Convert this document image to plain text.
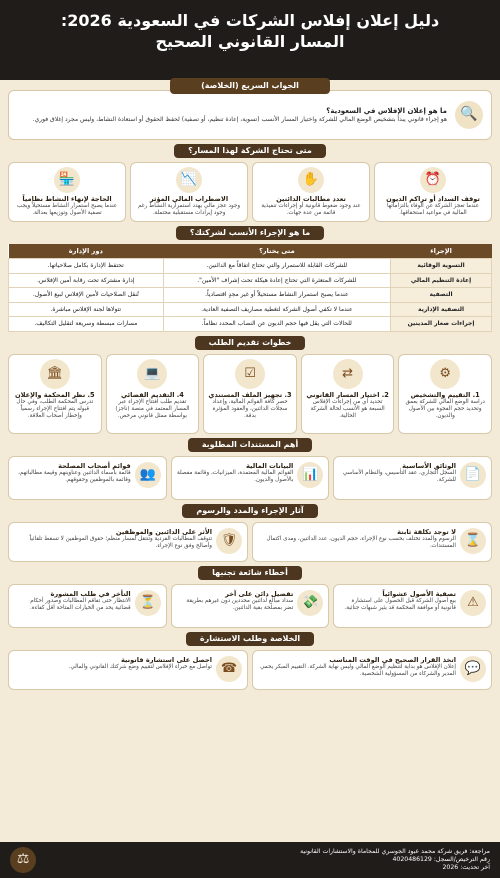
دليل إعلان إفلاس الشركات في السعودية 2026:
المسار القانوني الصحيح
الجواب السريع (الخلاصة)
🔍
ما هو إعلان الإفلاس في السعودية؟
هو إجراء قانوني يبدأ بتشخيص الوضع المالي للشركة واختيار المسار الأنسب (تسوية، إعادة تنظيم، أو تصفية) لحفظ الحقوق أو استعادة النشاط، وليس مجرد إغلاق فوري.
متى تحتاج الشركة لهذا المسار؟
⏰
توقف السداد أو تراكم الديون
عندما تعجز الشركة عن الوفاء بالتزاماتها المالية في مواعيد استحقاقها.
✋
تعدد مطالبات الدائنين
عند وجود ضغوط قانونية أو إجراءات تنفيذية قائمة من عدة جهات.
📉
الاضطراب المالي المؤثر
وجود عجز مالي يهدد استمرارية النشاط رغم وجود إيرادات مستقبلية محتملة.
🏪
الحاجة لإنهاء النشاط نظامياً
عندما يصبح استمرار النشاط مستحيلاً ويجب تصفية الأصول وتوزيعها بعدالة.
ما هو الإجراء الأنسب لشركتك؟
الإجراء	متى يختار؟	دور الإدارة
التسوية الوقائية	للشركات القابلة للاستمرار والتي تحتاج اتفاقاً مع الدائنين.	تحتفظ الإدارة بكامل صلاحياتها.
إعادة التنظيم المالي	للشركات المتعثرة التي تحتاج إعادة هيكلة تحت إشراف "الأمين".	إدارة مشتركة تحت رقابة أمين الإفلاس.
التصفية	عندما يصبح استمرار النشاط مستحيلاً أو غير مجدٍ اقتصادياً.	تُنقل الصلاحيات لأمين الإفلاس لبيع الأصول.
التصفية الإدارية	عندما لا تكفي أصول الشركة لتغطية مصاريف التصفية العادية.	تتولاها لجنة الإفلاس مباشرة.
إجراءات صغار المدينين	للحالات التي يقل فيها حجم الديون عن النصاب المحدد نظاماً.	مسارات مبسطة وسريعة لتقليل التكاليف.
خطوات تقديم الطلب
⚙
1. التقييم والتشخيص
دراسة الوضع المالي للشركة بعمق وتحديد حجم الفجوة بين الأصول والديون.
⇄
2. اختيار المسار القانوني
تحديد أي من إجراءات الإفلاس السبعة هو الأنسب لحالة الشركة الحالية.
☑
3. تجهيز الملف المستندي
حصر كافة القوائم المالية، وإعداد سجلات الدائنين، والعقود المؤثرة بدقة.
💻
4. التقديم الفضائي
تقديم طلب افتتاح الإجراء عبر المسار المعتمد في منصة (ناجز) بواسطة ممثل قانوني مرخص.
🏛
5. نظر المحكمة والإعلان
تدرس المحكمة الطلب، وفي حال قبوله يتم افتتاح الإجراء رسمياً وإخطار أصحاب العلاقة.
أهم المستندات المطلوبة
📄
الوثائق الأساسية
السجل التجاري، عقد التأسيس، والنظام الأساسي للشركة.
📊
البيانات المالية
القوائم المالية المعتمدة، الميزانيات، وقائمة مفصلة بالأصول والديون.
👥
قوائم أصحاب المصلحة
قائمة بأسماء الدائنين وعناوينهم وقيمة مطالباتهم، وقائمة بالموظفين وحقوقهم.
آثار الإجراء والمدد والرسوم
⌛
لا توجد تكلفة ثابتة
الرسوم والمدد تختلف بحسب نوع الإجراء، حجم الديون، عدد الدائنين، ومدى اكتمال المستندات.
🛡
الأثر على الدائنين والموظفين
تتوقف المطالبات الفردية وتنتقل لمسار منظم؛ حقوق الموظفين لا تسقط تلقائياً وأصالح وفق نوع الإجراء.
أخطاء شائعة تجنبها
⚠
تصفية الأصول عشوائياً
بيع أصول الشركة قبل الحصول على استشارة قانونية أو موافقة المحكمة قد يثير شبهات جنائية.
💸
تفضيل دائن على آخر
سداد مبالغ لدائنين محددين دون غيرهم بطريقة تضر بمصلحة بقية الدائنين.
⏳
التأخر في طلب المشورة
الانتظار حتى تفاقم المطالبات وصدور أحكام قضائية يحد من الخيارات المتاحة أقل كفاءة.
الخلاصة وطلب الاستشارة
💬
اتخذ القرار الصحيح في الوقت المناسب
إعلان الإفلاس هو بداية لتنظيم الوضع المالي وليس نهاية الشركة. التقييم المبكر يحمي المدير والشركاء من المسؤولية الشخصية.
☎
احصل على استشارة قانونية
تواصل مع خبراء الإفلاس لتقييم وضع شركتك القانوني والمالي.
مراجعة: فريق شركة محمد عبود الجوسري للمحاماة والاستشارات القانونية
رقم الترخيص/السجل: 4020486129
آخر تحديث: 2026
⚖
